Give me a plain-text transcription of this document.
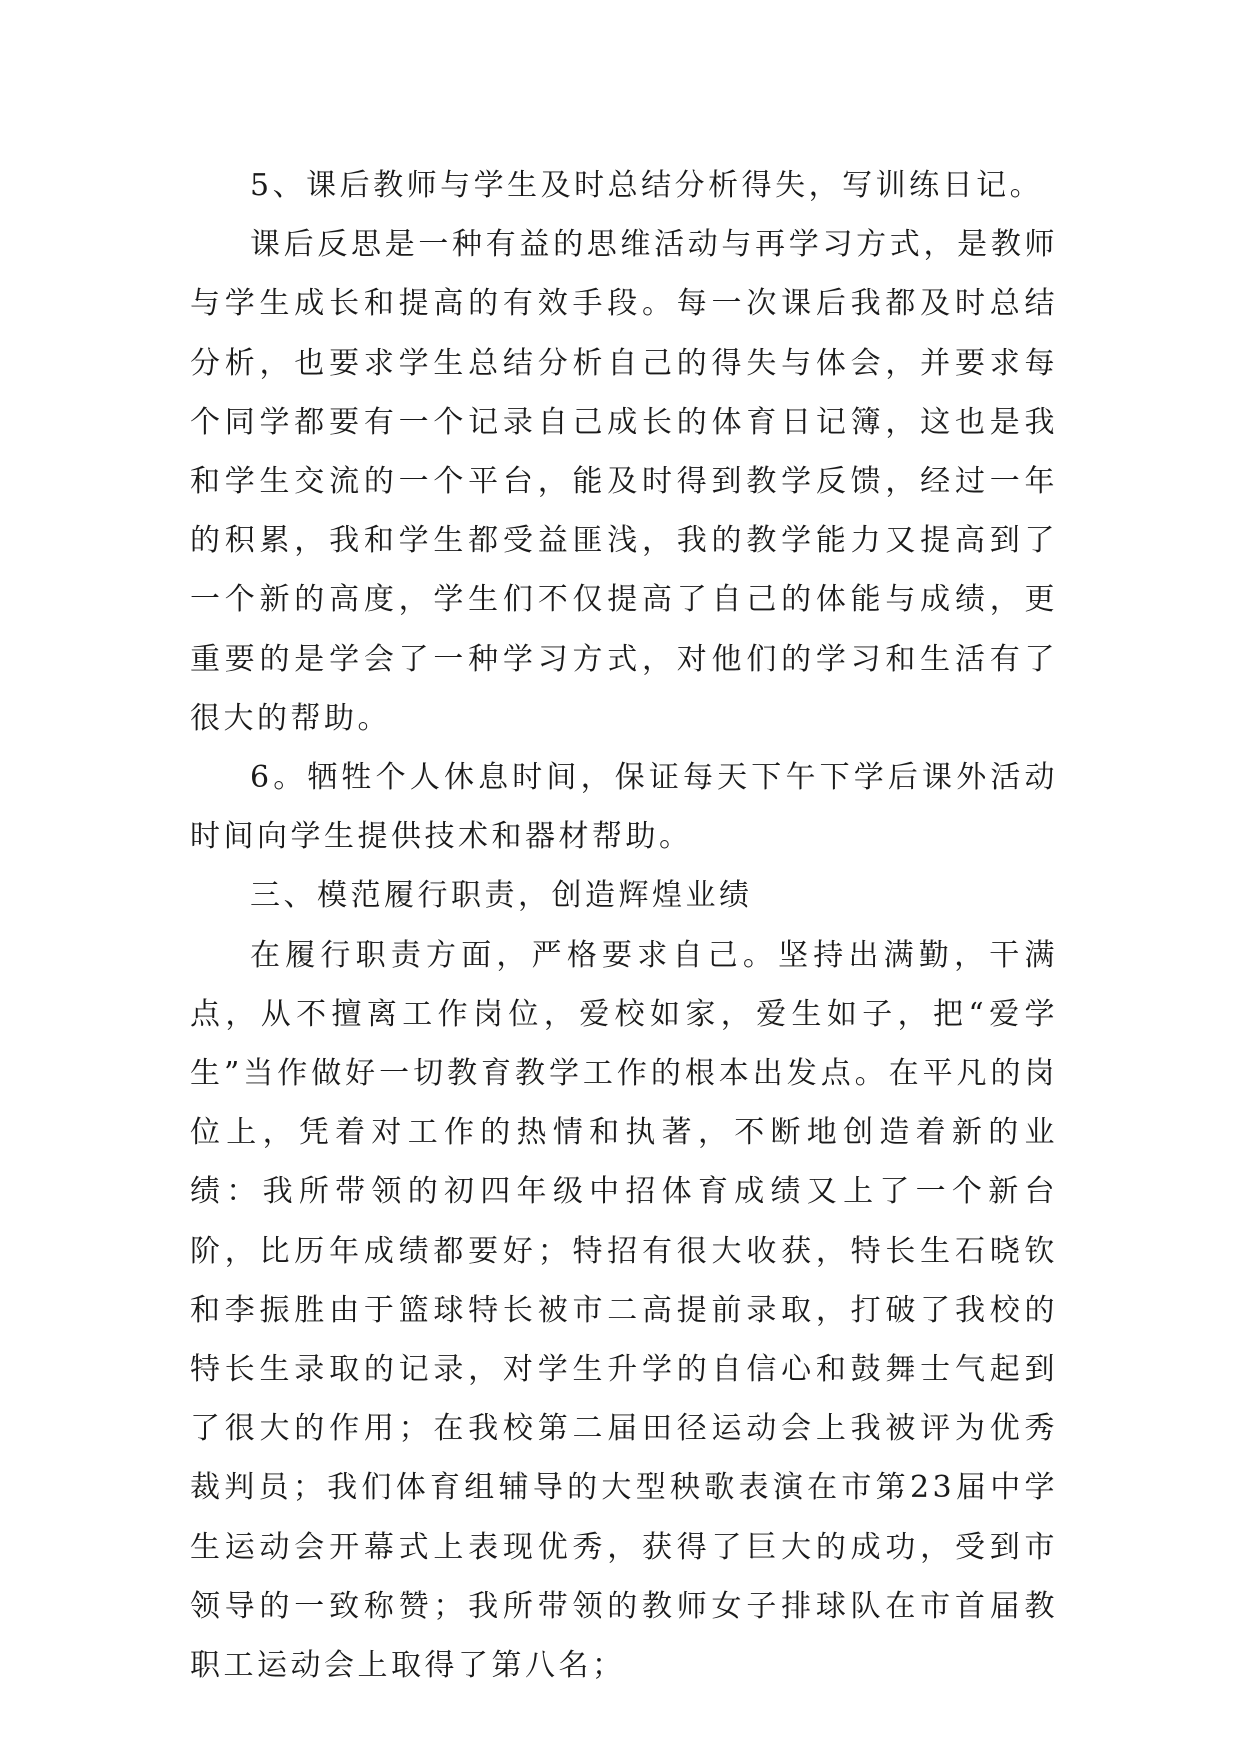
5、课后教师与学生及时总结分析得失，写训练日记。

课后反思是一种有益的思维活动与再学习方式，是教师与学生成长和提高的有效手段。每一次课后我都及时总结分析，也要求学生总结分析自己的得失与体会，并要求每个同学都要有一个记录自己成长的体育日记簿，这也是我和学生交流的一个平台，能及时得到教学反馈，经过一年的积累，我和学生都受益匪浅，我的教学能力又提高到了一个新的高度，学生们不仅提高了自己的体能与成绩，更重要的是学会了一种学习方式，对他们的学习和生活有了很大的帮助。

6。牺牲个人休息时间，保证每天下午下学后课外活动时间向学生提供技术和器材帮助。

三、模范履行职责，创造辉煌业绩

在履行职责方面，严格要求自己。坚持出满勤，干满点，从不擅离工作岗位，爱校如家，爱生如子，把“爱学生”当作做好一切教育教学工作的根本出发点。在平凡的岗位上，凭着对工作的热情和执著，不断地创造着新的业绩：我所带领的初四年级中招体育成绩又上了一个新台阶，比历年成绩都要好；特招有很大收获，特长生石晓钦和李振胜由于篮球特长被市二高提前录取，打破了我校的特长生录取的记录，对学生升学的自信心和鼓舞士气起到了很大的作用；在我校第二届田径运动会上我被评为优秀裁判员；我们体育组辅导的大型秧歌表演在市第23届中学生运动会开幕式上表现优秀，获得了巨大的成功，受到市领导的一致称赞；我所带领的教师女子排球队在市首届教职工运动会上取得了第八名；
